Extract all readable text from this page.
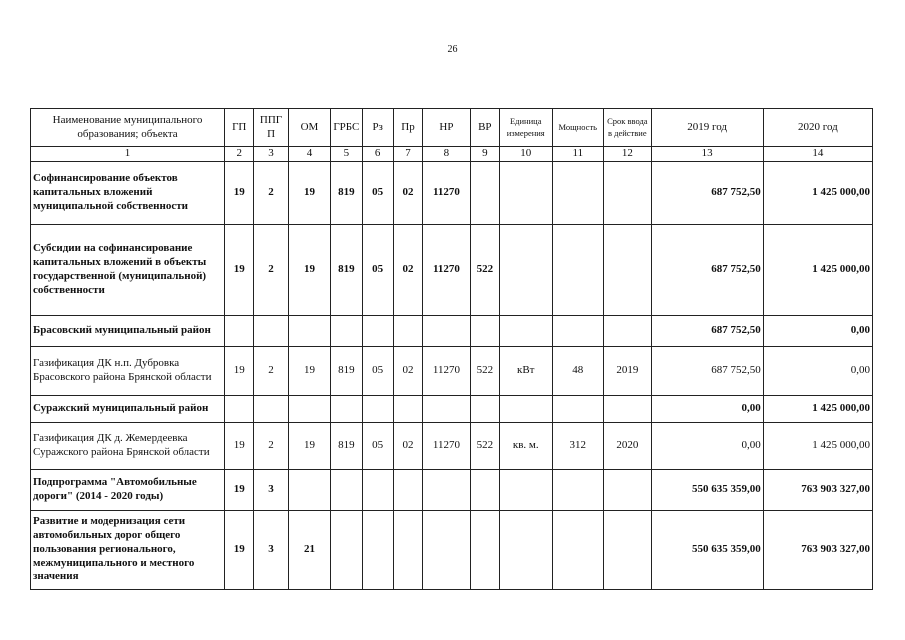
26
Наименование муниципального образования; объекта	ГП	ППГ П	ОМ	ГРБС	Рз	Пр	НР	ВР	Единица измерения	Мощность	Срок ввода в действие	2019 год	2020 год
1	2	3	4	5	6	7	8	9	10	11	12	13	14
Софинансирование объектов капитальных вложений муниципальной собственности	19	2	19	819	05	02	11270					687 752,50	1 425 000,00
Субсидии на софинансирование капитальных вложений в объекты государственной (муниципальной) собственности	19	2	19	819	05	02	11270	522				687 752,50	1 425 000,00
Брасовский муниципальный район												687 752,50	0,00
Газификация ДК н.п. Дубровка Брасовского района Брянской области	19	2	19	819	05	02	11270	522	кВт	48	2019	687 752,50	0,00
Суражский муниципальный район												0,00	1 425 000,00
Газификация ДК д. Жемердеевка Суражского района Брянской области	19	2	19	819	05	02	11270	522	кв. м.	312	2020	0,00	1 425 000,00
Подпрограмма "Автомобильные дороги" (2014 - 2020 годы)	19	3										550 635 359,00	763 903 327,00
Развитие и модернизация сети автомобильных дорог общего пользования регионального, межмуниципального и местного значения	19	3	21									550 635 359,00	763 903 327,00
